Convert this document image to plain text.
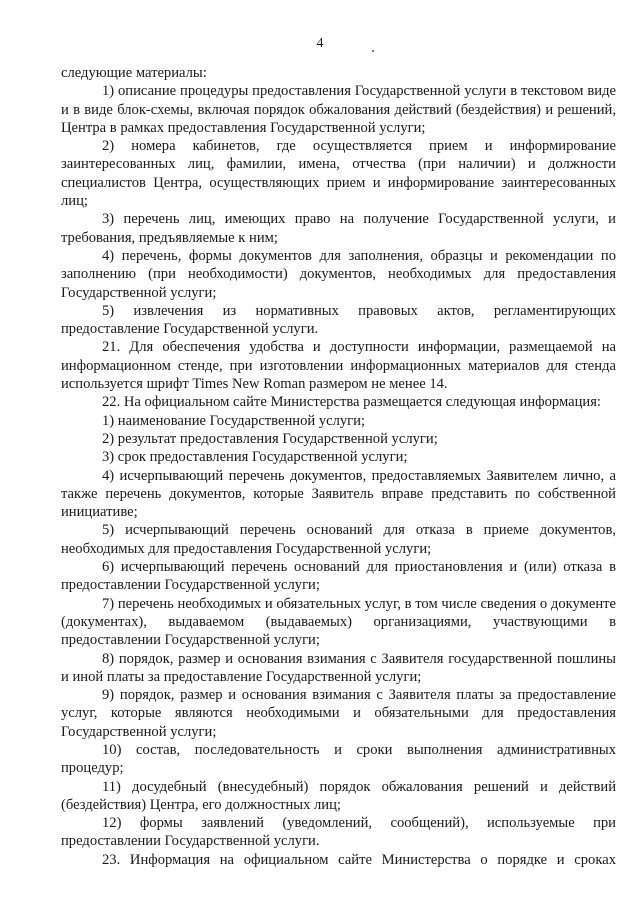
4

следующие материалы:

1) описание процедуры предоставления Государственной услуги в текстовом виде и в виде блок-схемы, включая порядок обжалования действий (бездействия) и решений, Центра в рамках предоставления Государственной услуги;

2) номера кабинетов, где осуществляется прием и информирование заинтересованных лиц, фамилии, имена, отчества (при наличии) и должности специалистов Центра, осуществляющих прием и информирование заинтересованных лиц;

3) перечень лиц, имеющих право на получение Государственной услуги, и требования, предъявляемые к ним;

4) перечень, формы документов для заполнения, образцы и рекомендации по заполнению (при необходимости) документов, необходимых для предоставления Государственной услуги;

5) извлечения из нормативных правовых актов, регламентирующих предоставление Государственной услуги.

21. Для обеспечения удобства и доступности информации, размещаемой на информационном стенде, при изготовлении информационных материалов для стенда используется шрифт Times New Roman размером не менее 14.

22. На официальном сайте Министерства размещается следующая информация:

1) наименование Государственной услуги;

2) результат предоставления Государственной услуги;

3) срок предоставления Государственной услуги;

4) исчерпывающий перечень документов, предоставляемых Заявителем лично, а также перечень документов, которые Заявитель вправе представить по собственной инициативе;

5) исчерпывающий перечень оснований для отказа в приеме документов, необходимых для предоставления Государственной услуги;

6) исчерпывающий перечень оснований для приостановления и (или) отказа в предоставлении Государственной услуги;

7) перечень необходимых и обязательных услуг, в том числе сведения о документе (документах), выдаваемом (выдаваемых) организациями, участвующими в предоставлении Государственной услуги;

8) порядок, размер и основания взимания с Заявителя государственной пошлины и иной платы за предоставление Государственной услуги;

9) порядок, размер и основания взимания с Заявителя платы за предоставление услуг, которые являются необходимыми и обязательными для предоставления Государственной услуги;

10) состав, последовательность и сроки выполнения административных процедур;

11) досудебный (внесудебный) порядок обжалования решений и действий (бездействия) Центра, его должностных лиц;

12) формы заявлений (уведомлений, сообщений), используемые при предоставлении Государственной услуги.

23. Информация на официальном сайте Министерства о порядке и сроках
